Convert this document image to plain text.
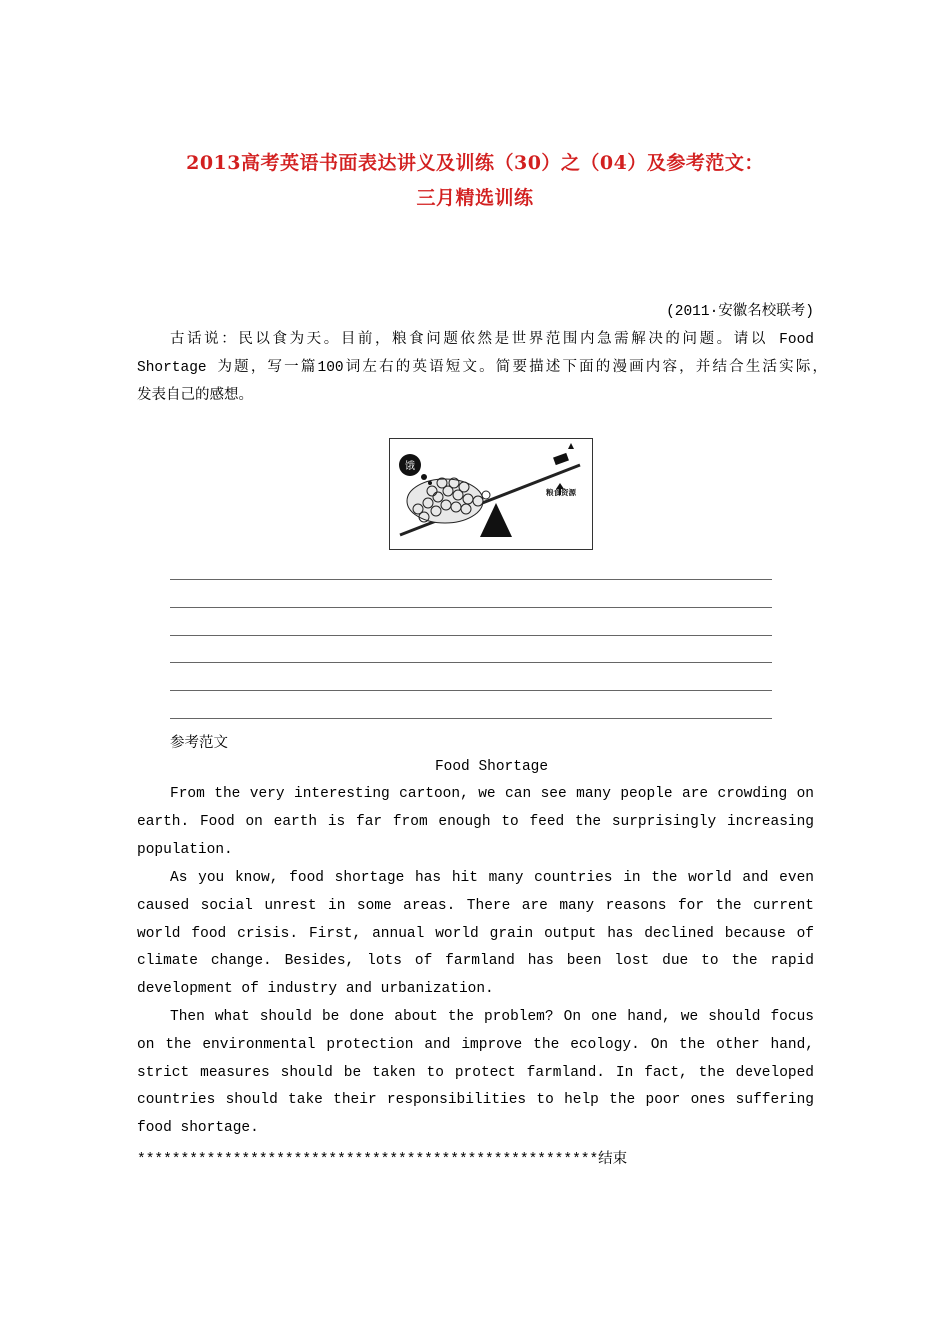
2013高考英语书面表达讲义及训练（30）之（04）及参考范文：
三月精选训练
(2011·安徽名校联考)
古话说：民以食为天。目前，粮食问题依然是世界范围内急需解决的问题。请以 Food
Shortage 为题，写一篇100词左右的英语短文。简要描述下面的漫画内容，并结合生活实际，
发表自己的感想。
饿
粮食资源
参考范文
Food Shortage
From the very interesting cartoon, we can see many people are crowding on earth. Food on earth is far from enough to feed the surprisingly increasing population.
As you know, food shortage has hit many countries in the world and even caused social unrest in some areas. There are many reasons for the current world food crisis. First, annual world grain output has declined because of climate change. Besides, lots of farmland has been lost due to the rapid development of industry and urbanization.
Then what should be done about the problem? On one hand, we should focus on the environmental protection and improve the ecology. On the other hand, strict measures should be taken to protect farmland. In fact, the developed countries should take their responsibilities to help the poor ones suffering food shortage.
*****************************************************结束
